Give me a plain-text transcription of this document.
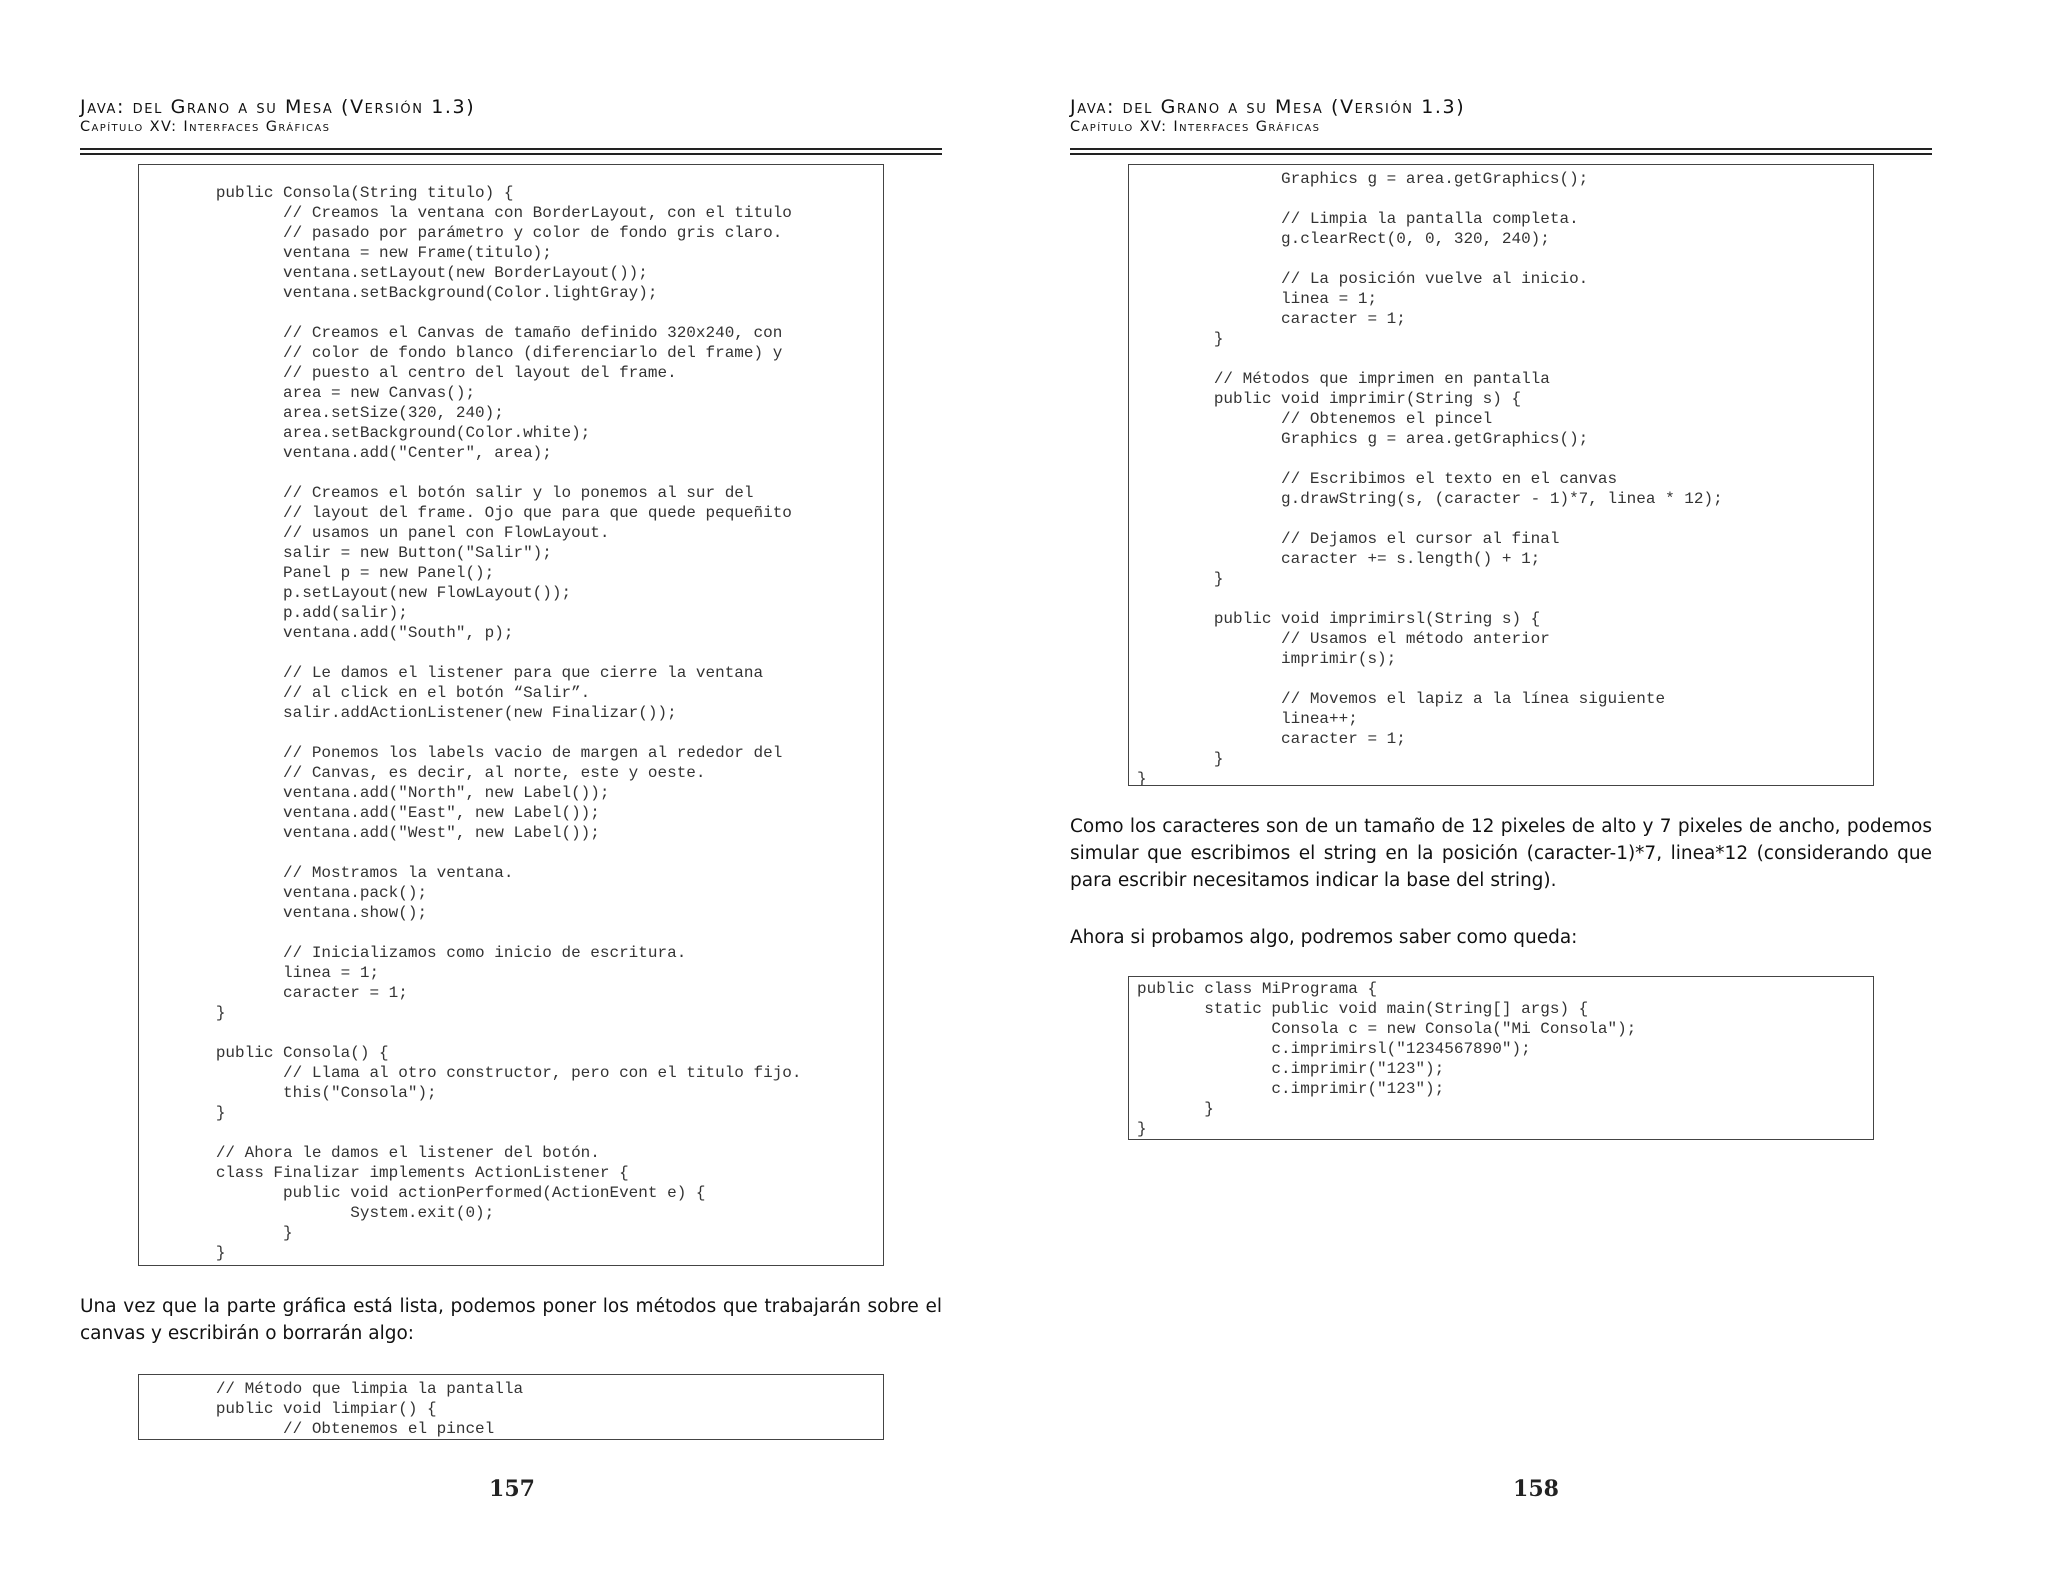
Java: del Grano a su Mesa (Versión 1.3)
Capítulo XV: Interfaces Gráficas
public Consola(String titulo) {
// Creamos la ventana con BorderLayout, con el titulo
// pasado por parámetro y color de fondo gris claro.
ventana = new Frame(titulo);
ventana.setLayout(new BorderLayout());
ventana.setBackground(Color.lightGray);

// Creamos el Canvas de tamaño definido 320x240, con
// color de fondo blanco (diferenciarlo del frame) y
// puesto al centro del layout del frame.
area = new Canvas();
area.setSize(320, 240);
area.setBackground(Color.white);
ventana.add("Center", area);

// Creamos el botón salir y lo ponemos al sur del
// layout del frame. Ojo que para que quede pequeñito
// usamos un panel con FlowLayout.
salir = new Button("Salir");
Panel p = new Panel();
p.setLayout(new FlowLayout());
p.add(salir);
ventana.add("South", p);

// Le damos el listener para que cierre la ventana
// al click en el botón “Salir”.
salir.addActionListener(new Finalizar());

// Ponemos los labels vacio de margen al rededor del
// Canvas, es decir, al norte, este y oeste.
ventana.add("North", new Label());
ventana.add("East", new Label());
ventana.add("West", new Label());

// Mostramos la ventana.
ventana.pack();
ventana.show();

// Inicializamos como inicio de escritura.
linea = 1;
caracter = 1;
}

public Consola() {
// Llama al otro constructor, pero con el titulo fijo.
this("Consola");
}

// Ahora le damos el listener del botón.
class Finalizar implements ActionListener {
public void actionPerformed(ActionEvent e) {
System.exit(0);
}
}
Una vez que la parte gráfica está lista, podemos poner los métodos que trabajarán sobre el canvas y escribirán o borrarán algo:
// Método que limpia la pantalla
public void limpiar() {
// Obtenemos el pincel
157
Java: del Grano a su Mesa (Versión 1.3)
Capítulo XV: Interfaces Gráficas
Graphics g = area.getGraphics();

// Limpia la pantalla completa.
g.clearRect(0, 0, 320, 240);

// La posición vuelve al inicio.
linea = 1;
caracter = 1;
}

// Métodos que imprimen en pantalla
public void imprimir(String s) {
// Obtenemos el pincel
Graphics g = area.getGraphics();

// Escribimos el texto en el canvas
g.drawString(s, (caracter - 1)*7, linea * 12);

// Dejamos el cursor al final
caracter += s.length() + 1;
}

public void imprimirsl(String s) {
// Usamos el método anterior
imprimir(s);

// Movemos el lapiz a la línea siguiente
linea++;
caracter = 1;
}
}
Como los caracteres son de un tamaño de 12 pixeles de alto y 7 pixeles de ancho, podemos simular que escribimos el string en la posición (caracter-1)*7, linea*12 (considerando que para escribir necesitamos indicar la base del string).
Ahora si probamos algo, podremos saber como queda:
public class MiPrograma {
static public void main(String[] args) {
Consola c = new Consola("Mi Consola");
c.imprimirsl("1234567890");
c.imprimir("123");
c.imprimir("123");
}
}
158
